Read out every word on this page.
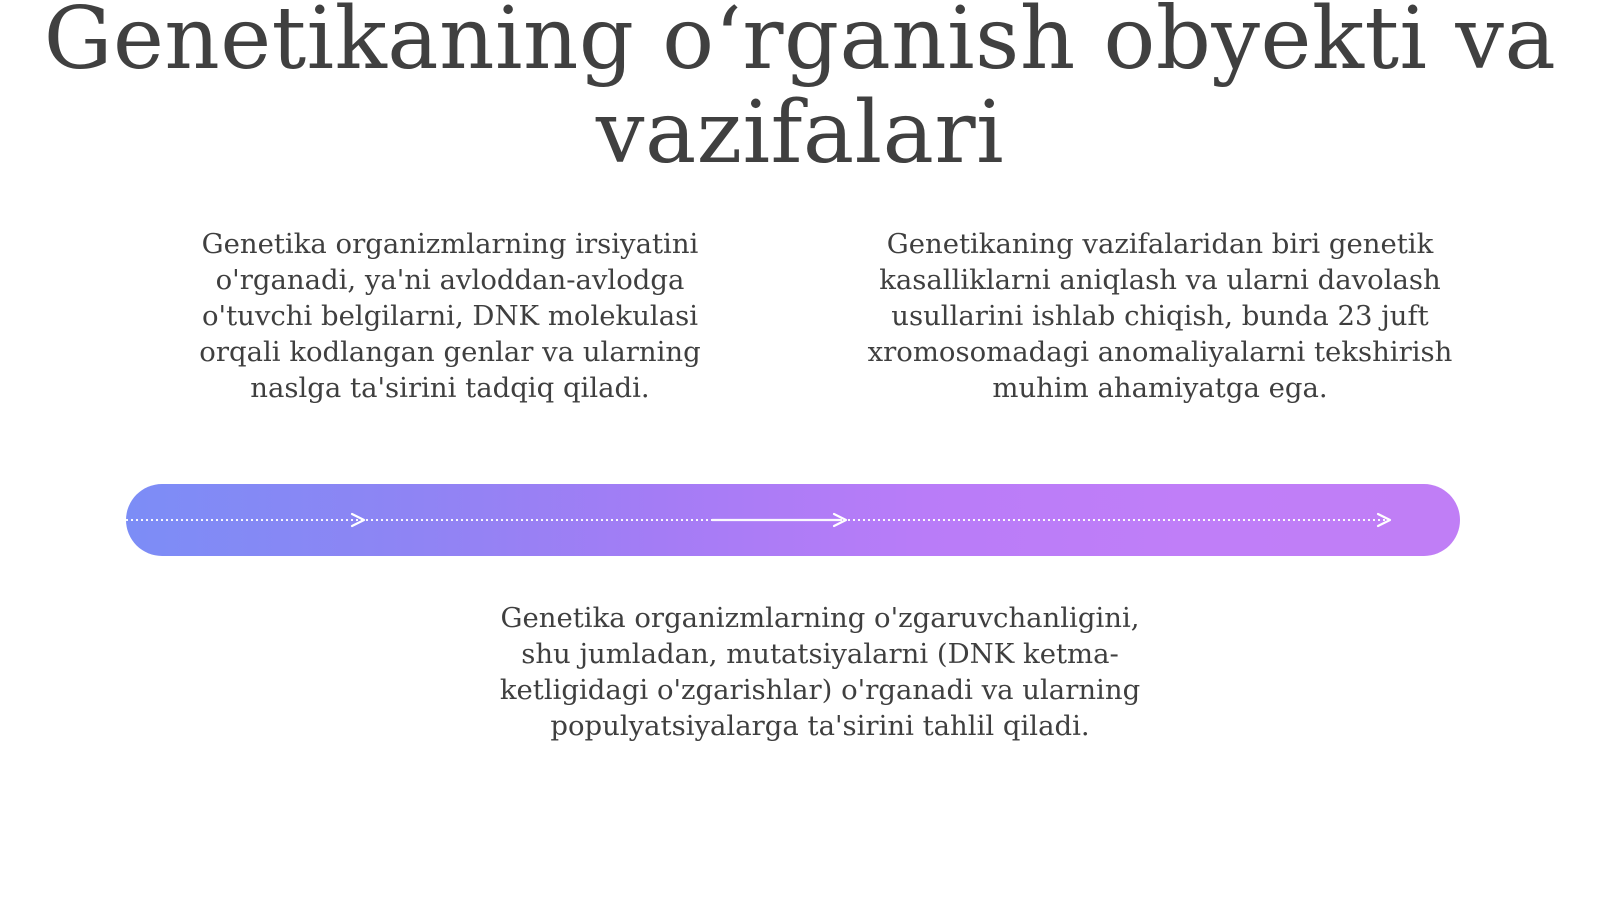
Genetikaning o‘rganish obyekti va vazifalari

Genetika organizmlarning irsiyatini o'rganadi, ya'ni avloddan-avlodga o'tuvchi belgilarni, DNK molekulasi orqali kodlangan genlar va ularning naslga ta'sirini tadqiq qiladi.

Genetikaning vazifalaridan biri genetik kasalliklarni aniqlash va ularni davolash usullarini ishlab chiqish, bunda 23 juft xromosomadagi anomaliyalarni tekshirish muhim ahamiyatga ega.

Genetika organizmlarning o'zgaruvchanligini, shu jumladan, mutatsiyalarni (DNK ketma-ketligidagi o'zgarishlar) o'rganadi va ularning populyatsiyalarga ta'sirini tahlil qiladi.
